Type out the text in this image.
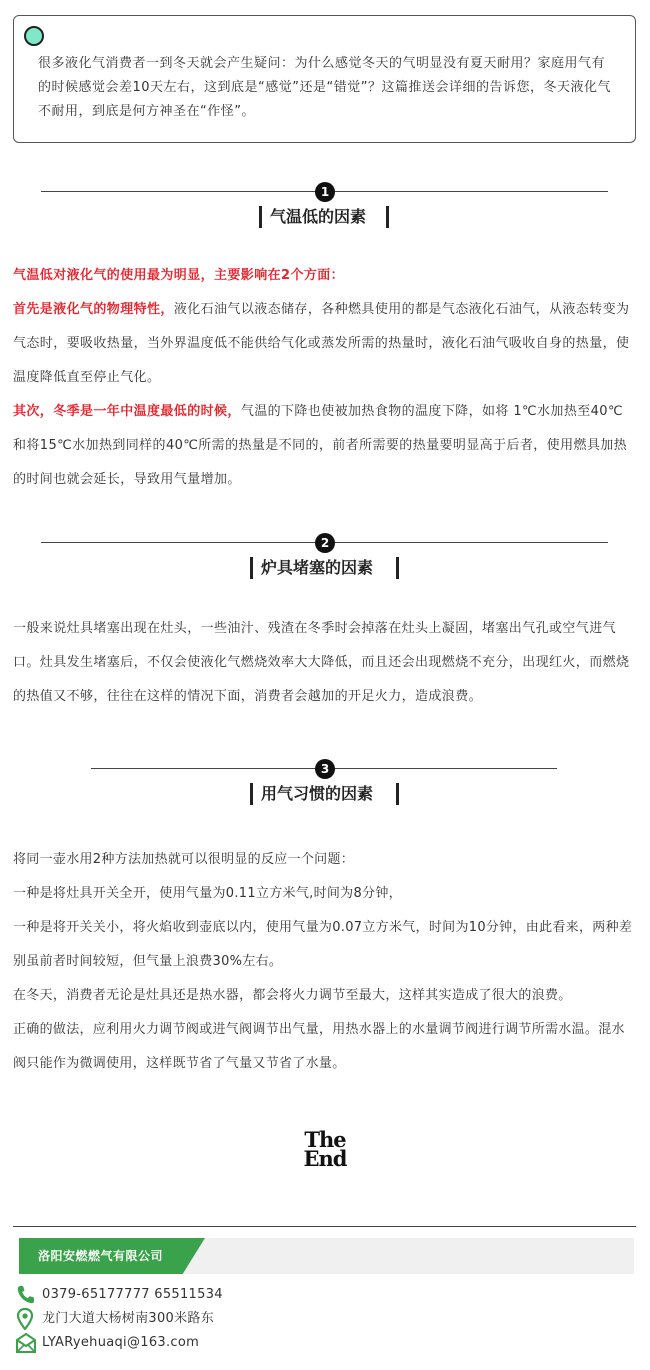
很多液化气消费者一到冬天就会产生疑问：为什么感觉冬天的气明显没有夏天耐用？家庭用气有的时候感觉会差10天左右，这到底是“感觉”还是“错觉”？这篇推送会详细的告诉您，冬天液化气不耐用，到底是何方神圣在“作怪”。

1
气温低的因素

气温低对液化气的使用最为明显，主要影响在2个方面：

首先是液化气的物理特性，液化石油气以液态储存，各种燃具使用的都是气态液化石油气，从液态转变为气态时，要吸收热量，当外界温度低不能供给气化或蒸发所需的热量时，液化石油气吸收自身的热量，使温度降低直至停止气化。

其次，冬季是一年中温度最低的时候，气温的下降也使被加热食物的温度下降，如将 1℃水加热至40℃和将15℃水加热到同样的40℃所需的热量是不同的，前者所需要的热量要明显高于后者，使用燃具加热的时间也就会延长，导致用气量增加。

2
炉具堵塞的因素

一般来说灶具堵塞出现在灶头，一些油汁、残渣在冬季时会掉落在灶头上凝固，堵塞出气孔或空气进气口。灶具发生堵塞后，不仅会使液化气燃烧效率大大降低，而且还会出现燃烧不充分，出现红火，而燃烧的热值又不够，往往在这样的情况下面，消费者会越加的开足火力，造成浪费。

3
用气习惯的因素

将同一壶水用2种方法加热就可以很明显的反应一个问题：

一种是将灶具开关全开，使用气量为0.11立方米气,时间为8分钟，

一种是将开关关小，将火焰收到壶底以内，使用气量为0.07立方米气，时间为10分钟，由此看来，两种差别虽前者时间较短，但气量上浪费30%左右。

在冬天，消费者无论是灶具还是热水器，都会将火力调节至最大，这样其实造成了很大的浪费。

正确的做法，应利用火力调节阀或进气阀调节出气量，用热水器上的水量调节阀进行调节所需水温。混水阀只能作为微调使用，这样既节省了气量又节省了水量。

The
End
洛阳安燃燃气有限公司
0379-65177777 65511534
龙门大道大杨树南300米路东
LYARyehuaqi@163.com
